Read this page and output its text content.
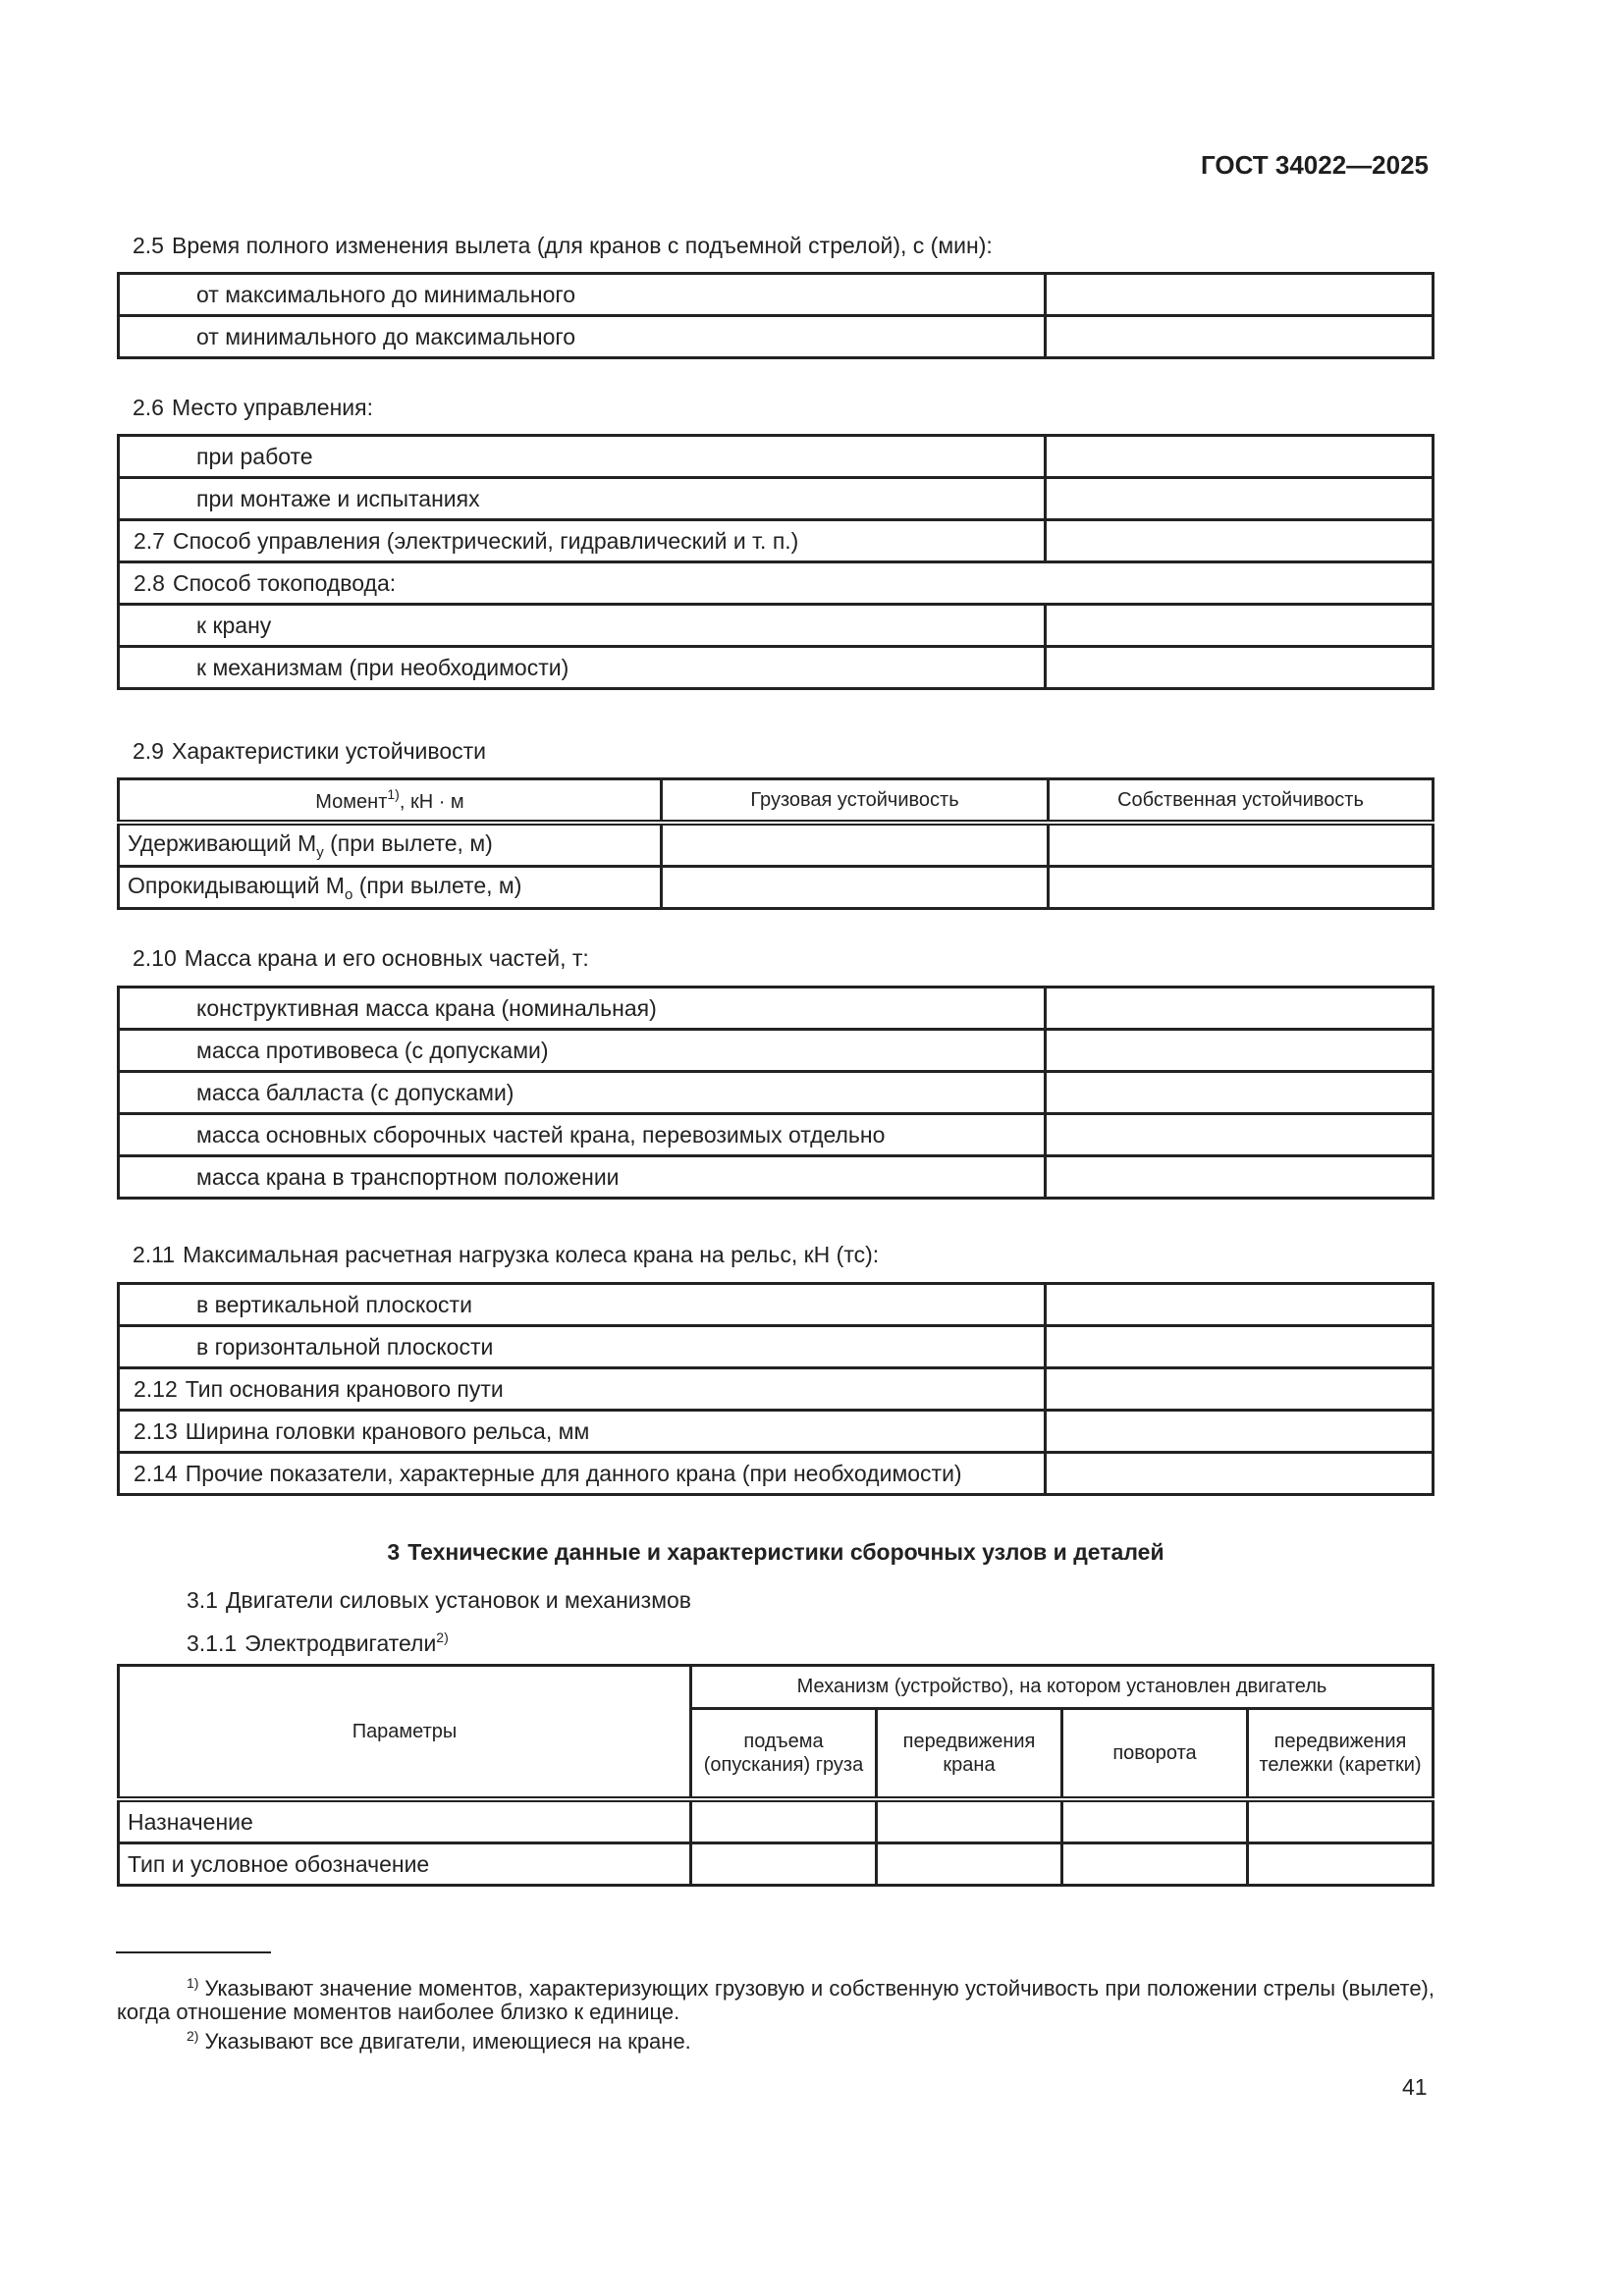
ГОСТ 34022—2025
2.5 Время полного изменения вылета (для кранов с подъемной стрелой), с (мин):
от максимального до минимального	
от минимального до максимального	
2.6 Место управления:
при работе	
при монтаже и испытаниях	
2.7 Способ управления (электрический, гидравлический и т. п.)	
2.8 Способ токоподвода:	
к крану	
к механизмам (при необходимости)	
2.9 Характеристики устойчивости
Момент$^{1)}$, кН · м	Грузовая устойчивость	Собственная устойчивость
Удерживающий $M_у$ (при вылете, м)		
Опрокидывающий $M_о$ (при вылете, м)		
2.10 Масса крана и его основных частей, т:
конструктивная масса крана (номинальная)	
масса противовеса (с допусками)	
масса балласта (с допусками)	
масса основных сборочных частей крана, перевозимых отдельно	
масса крана в транспортном положении	
2.11 Максимальная расчетная нагрузка колеса крана на рельс, кН (тс):
в вертикальной плоскости	
в горизонтальной плоскости	
2.12 Тип основания кранового пути	
2.13 Ширина головки кранового рельса, мм	
2.14 Прочие показатели, характерные для данного крана (при необходимости)	
3 Технические данные и характеристики сборочных узлов и деталей
3.1 Двигатели силовых установок и механизмов
3.1.1 Электродвигатели$^{2)}$
Параметры	Механизм (устройство), на котором установлен двигатель			
	подъема (опускания) груза	передвижения крана	поворота	передвижения тележки (каретки)
Назначение				
Тип и условное обозначение				

$^{1)}$ Указывают значение моментов, характеризующих грузовую и собственную устойчивость при положении стрелы (вылете), когда отношение моментов наиболее близко к единице.

$^{2)}$ Указывают все двигатели, имеющиеся на кране.

41
